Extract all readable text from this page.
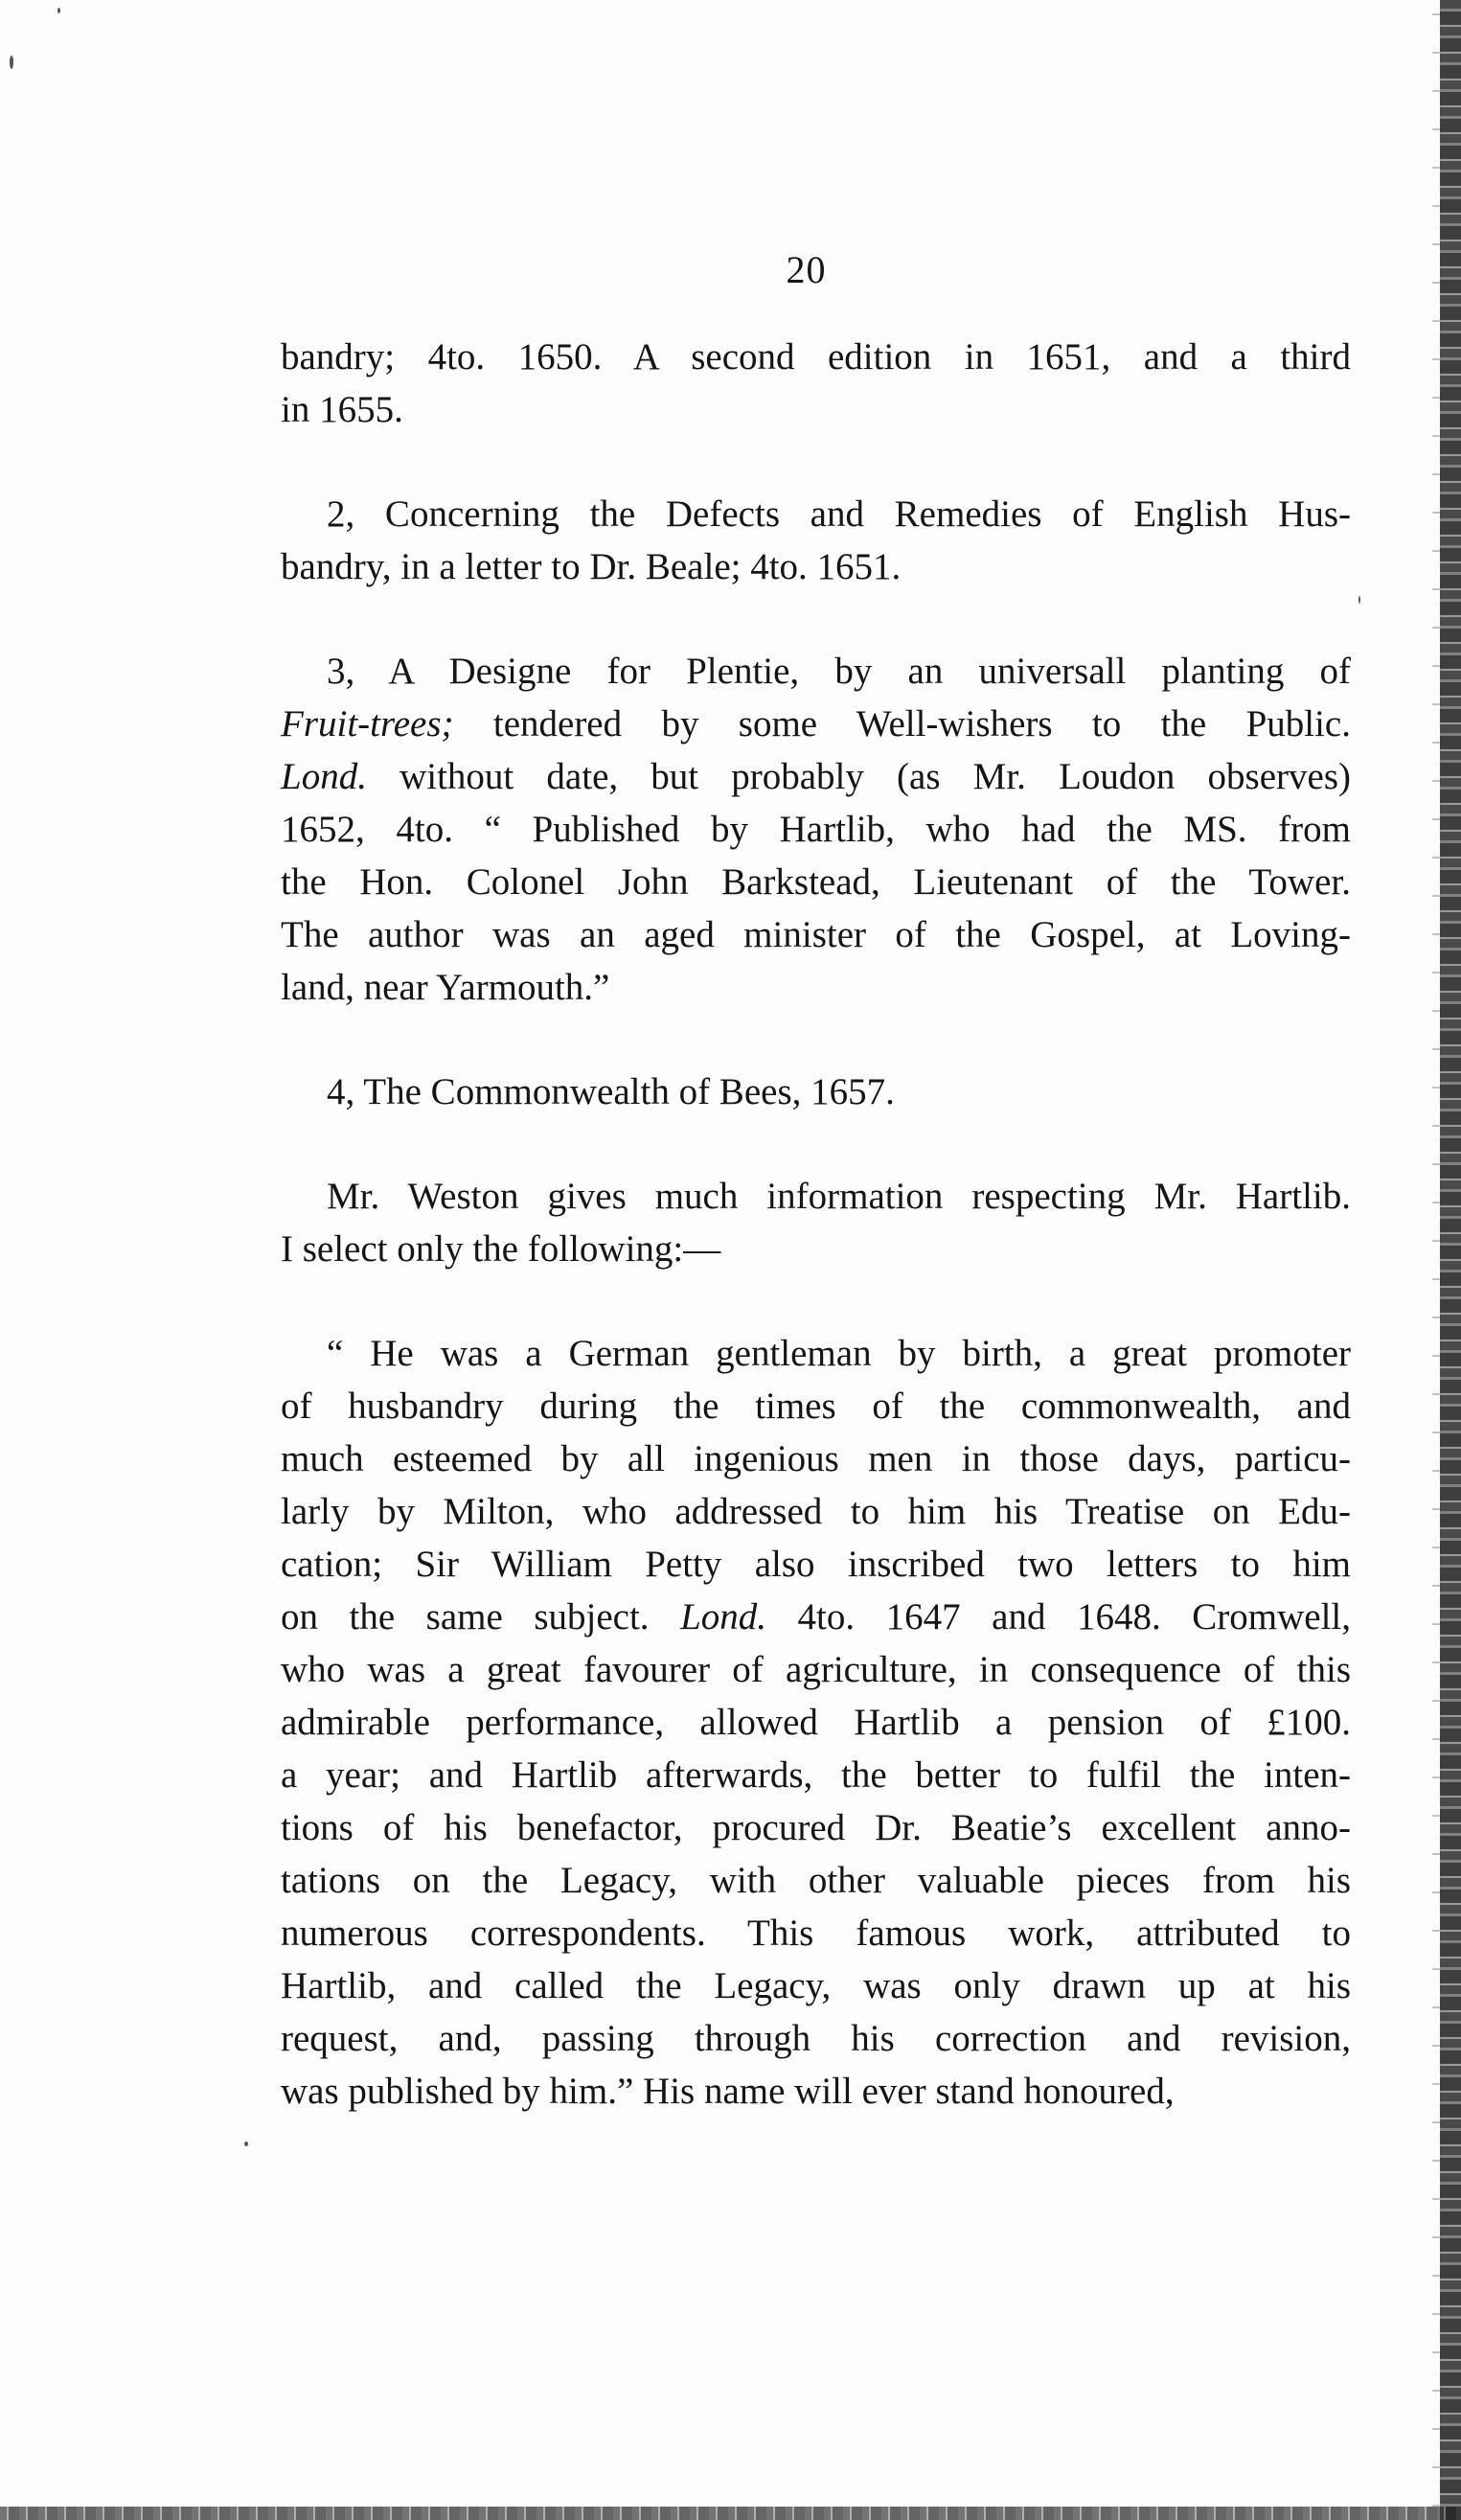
20

bandry; 4to. 1650. A second edition in 1651, and a third
in 1655.

2, Concerning the Defects and Remedies of English Hus-
bandry, in a letter to Dr. Beale; 4to. 1651.

3, A Designe for Plentie, by an universall planting of
Fruit-trees; tendered by some Well-wishers to the Public.
Lond. without date, but probably (as Mr. Loudon observes)
1652, 4to. “ Published by Hartlib, who had the MS. from
the Hon. Colonel John Barkstead, Lieutenant of the Tower.
The author was an aged minister of the Gospel, at Loving-
land, near Yarmouth.”

4, The Commonwealth of Bees, 1657.

Mr. Weston gives much information respecting Mr. Hartlib.
I select only the following:—

“ He was a German gentleman by birth, a great promoter
of husbandry during the times of the commonwealth, and
much esteemed by all ingenious men in those days, particu-
larly by Milton, who addressed to him his Treatise on Edu-
cation; Sir William Petty also inscribed two letters to him
on the same subject. Lond. 4to. 1647 and 1648. Cromwell,
who was a great favourer of agriculture, in consequence of this
admirable performance, allowed Hartlib a pension of £100.
a year; and Hartlib afterwards, the better to fulfil the inten-
tions of his benefactor, procured Dr. Beatie’s excellent anno-
tations on the Legacy, with other valuable pieces from his
numerous correspondents. This famous work, attributed to
Hartlib, and called the Legacy, was only drawn up at his
request, and, passing through his correction and revision,
was published by him.” His name will ever stand honoured,
